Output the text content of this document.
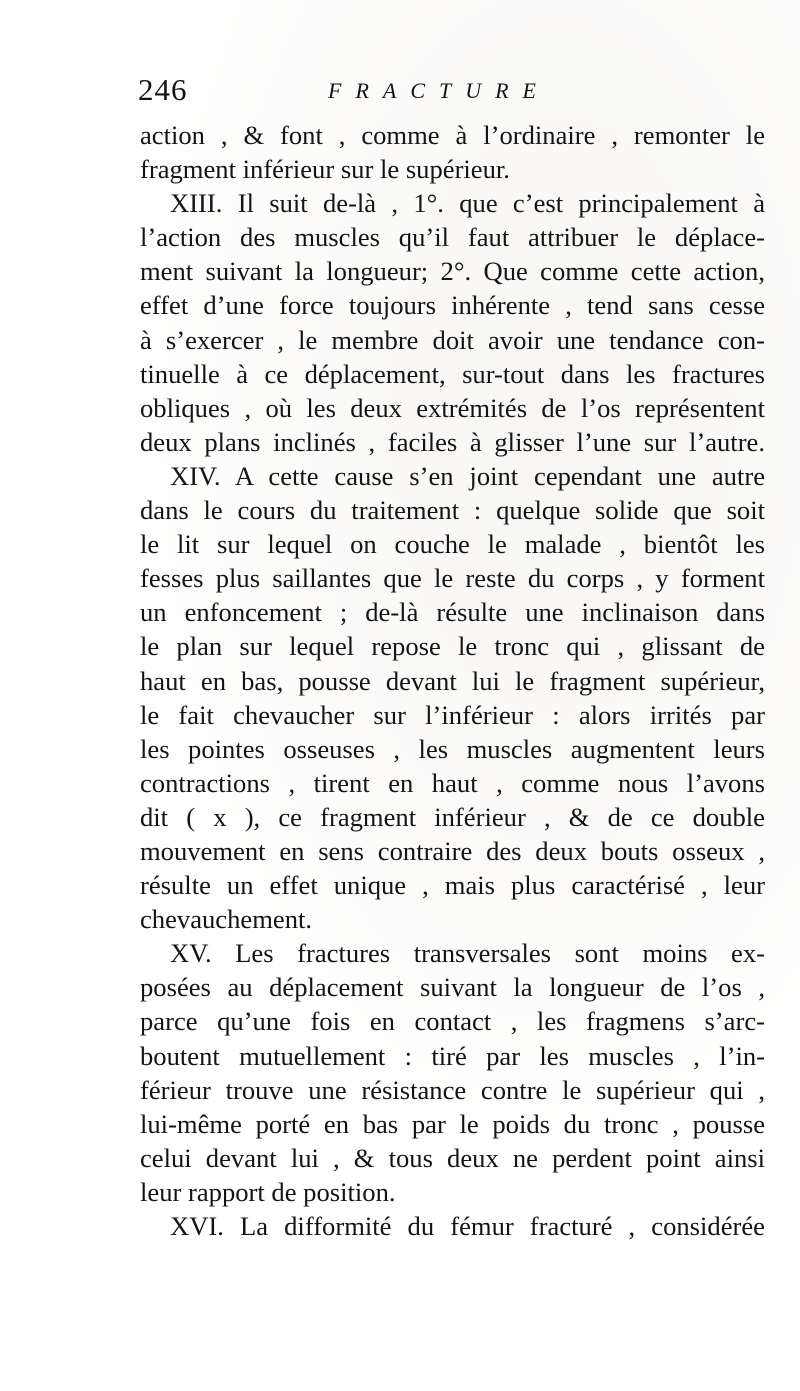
246	FRACTURE
action , & font , comme à l’ordinaire , remonter le
fragment inférieur sur le supérieur.
XIII. Il suit de-là , 1°. que c’est principalement à
l’action des muscles qu’il faut attribuer le déplace-
ment suivant la longueur; 2°. Que comme cette action,
effet d’une force toujours inhérente , tend sans cesse
à s’exercer , le membre doit avoir une tendance con-
tinuelle à ce déplacement, sur-tout dans les fractures
obliques , où les deux extrémités de l’os représentent
deux plans inclinés , faciles à glisser l’une sur l’autre.
XIV. A cette cause s’en joint cependant une autre
dans le cours du traitement : quelque solide que soit
le lit sur lequel on couche le malade , bientôt les
fesses plus saillantes que le reste du corps , y forment
un enfoncement ; de-là résulte une inclinaison dans
le plan sur lequel repose le tronc qui , glissant de
haut en bas, pousse devant lui le fragment supérieur,
le fait chevaucher sur l’inférieur : alors irrités par
les pointes osseuses , les muscles augmentent leurs
contractions , tirent en haut , comme nous l’avons
dit ( x ), ce fragment inférieur , & de ce double
mouvement en sens contraire des deux bouts osseux ,
résulte un effet unique , mais plus caractérisé , leur
chevauchement.
XV. Les fractures transversales sont moins ex-
posées au déplacement suivant la longueur de l’os ,
parce qu’une fois en contact , les fragmens s’arc-
boutent mutuellement : tiré par les muscles , l’in-
férieur trouve une résistance contre le supérieur qui ,
lui-même porté en bas par le poids du tronc , pousse
celui devant lui , & tous deux ne perdent point ainsi
leur rapport de position.
XVI. La difformité du fémur fracturé , considérée
